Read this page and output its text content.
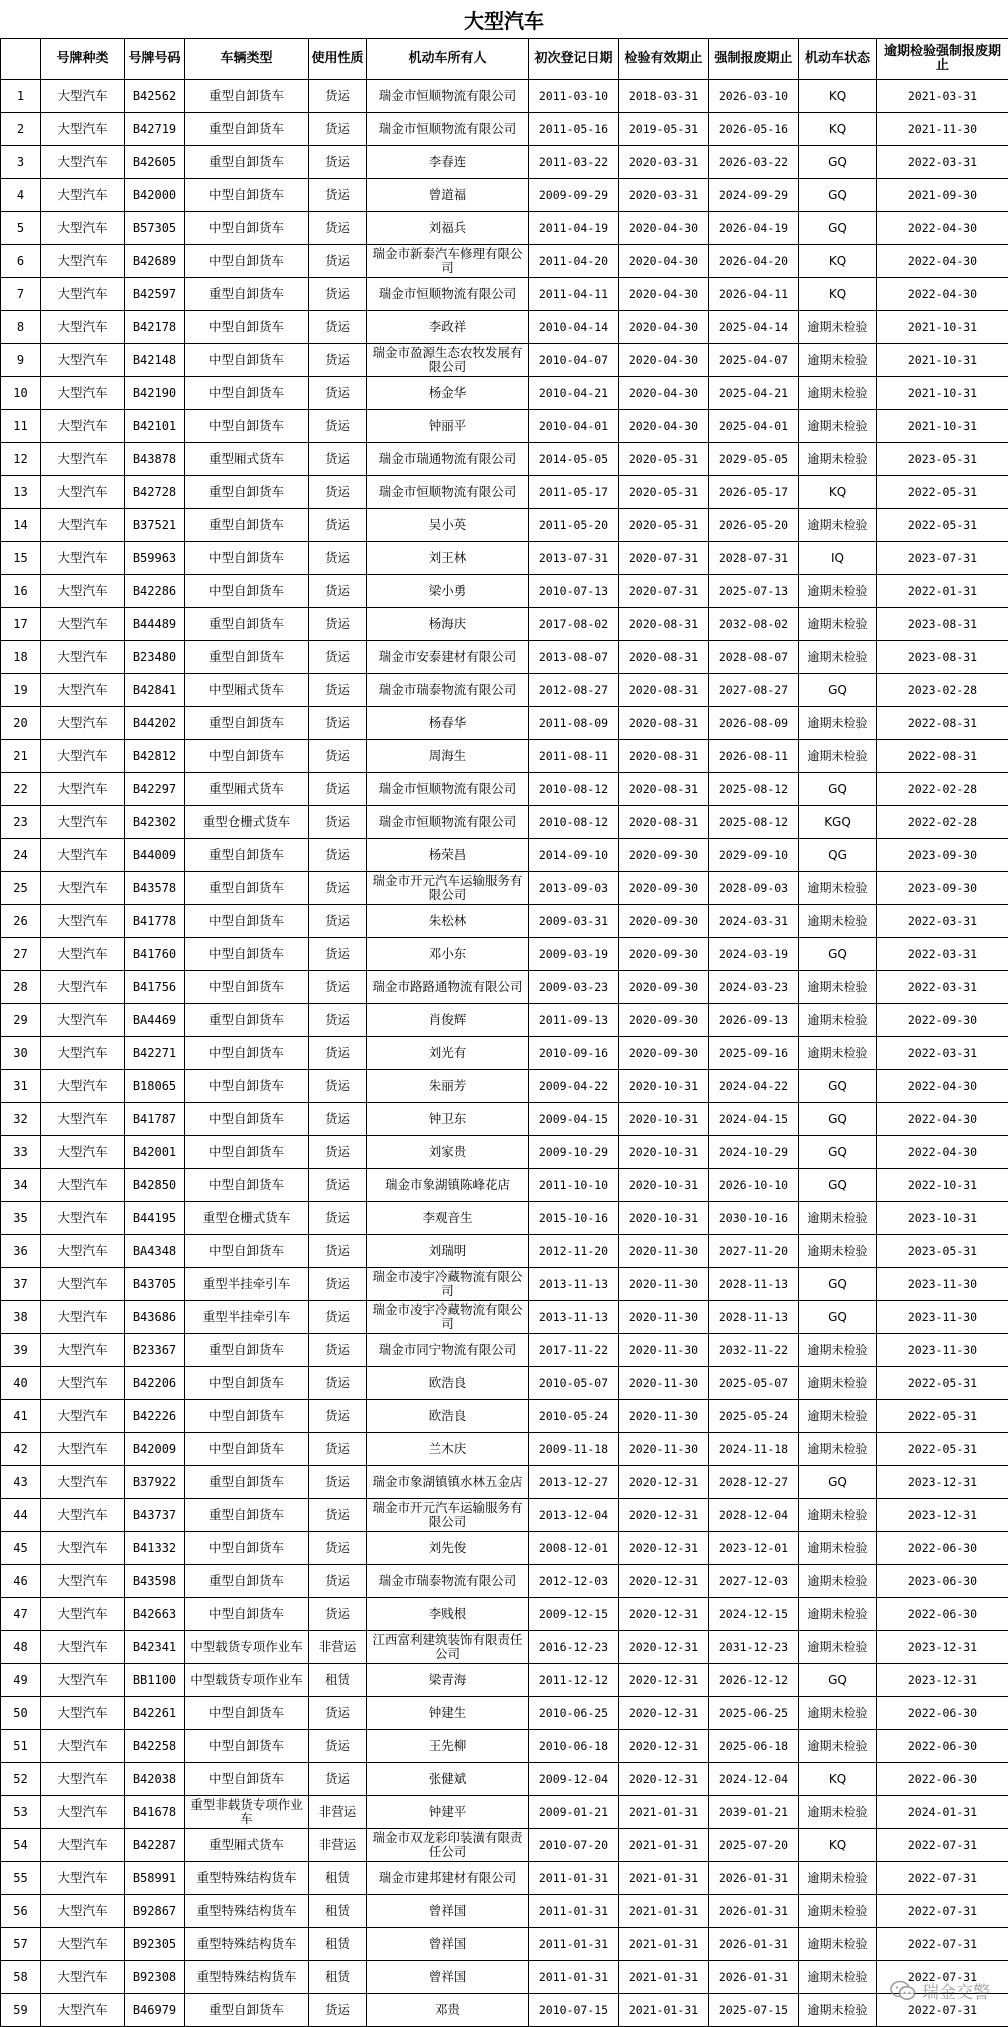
大型汽车
	号牌种类	号牌号码	车辆类型	使用性质	机动车所有人	初次登记日期	检验有效期止	强制报废期止	机动车状态	逾期检验强制报废期止
1	大型汽车	B42562	重型自卸货车	货运	瑞金市恒顺物流有限公司	2011-03-10	2018-03-31	2026-03-10	KQ	2021-03-31
2	大型汽车	B42719	重型自卸货车	货运	瑞金市恒顺物流有限公司	2011-05-16	2019-05-31	2026-05-16	KQ	2021-11-30
3	大型汽车	B42605	重型自卸货车	货运	李春连	2011-03-22	2020-03-31	2026-03-22	GQ	2022-03-31
4	大型汽车	B42000	中型自卸货车	货运	曾道福	2009-09-29	2020-03-31	2024-09-29	GQ	2021-09-30
5	大型汽车	B57305	中型自卸货车	货运	刘福兵	2011-04-19	2020-04-30	2026-04-19	GQ	2022-04-30
6	大型汽车	B42689	中型自卸货车	货运	瑞金市新泰汽车修理有限公司	2011-04-20	2020-04-30	2026-04-20	KQ	2022-04-30
7	大型汽车	B42597	重型自卸货车	货运	瑞金市恒顺物流有限公司	2011-04-11	2020-04-30	2026-04-11	KQ	2022-04-30
8	大型汽车	B42178	中型自卸货车	货运	李政祥	2010-04-14	2020-04-30	2025-04-14	逾期未检验	2021-10-31
9	大型汽车	B42148	中型自卸货车	货运	瑞金市盈源生态农牧发展有限公司	2010-04-07	2020-04-30	2025-04-07	逾期未检验	2021-10-31
10	大型汽车	B42190	中型自卸货车	货运	杨金华	2010-04-21	2020-04-30	2025-04-21	逾期未检验	2021-10-31
11	大型汽车	B42101	中型自卸货车	货运	钟丽平	2010-04-01	2020-04-30	2025-04-01	逾期未检验	2021-10-31
12	大型汽车	B43878	重型厢式货车	货运	瑞金市瑞通物流有限公司	2014-05-05	2020-05-31	2029-05-05	逾期未检验	2023-05-31
13	大型汽车	B42728	重型自卸货车	货运	瑞金市恒顺物流有限公司	2011-05-17	2020-05-31	2026-05-17	KQ	2022-05-31
14	大型汽车	B37521	重型自卸货车	货运	吴小英	2011-05-20	2020-05-31	2026-05-20	逾期未检验	2022-05-31
15	大型汽车	B59963	中型自卸货车	货运	刘王林	2013-07-31	2020-07-31	2028-07-31	IQ	2023-07-31
16	大型汽车	B42286	中型自卸货车	货运	梁小勇	2010-07-13	2020-07-31	2025-07-13	逾期未检验	2022-01-31
17	大型汽车	B44489	重型自卸货车	货运	杨海庆	2017-08-02	2020-08-31	2032-08-02	逾期未检验	2023-08-31
18	大型汽车	B23480	重型自卸货车	货运	瑞金市安泰建材有限公司	2013-08-07	2020-08-31	2028-08-07	逾期未检验	2023-08-31
19	大型汽车	B42841	中型厢式货车	货运	瑞金市瑞泰物流有限公司	2012-08-27	2020-08-31	2027-08-27	GQ	2023-02-28
20	大型汽车	B44202	重型自卸货车	货运	杨春华	2011-08-09	2020-08-31	2026-08-09	逾期未检验	2022-08-31
21	大型汽车	B42812	中型自卸货车	货运	周海生	2011-08-11	2020-08-31	2026-08-11	逾期未检验	2022-08-31
22	大型汽车	B42297	重型厢式货车	货运	瑞金市恒顺物流有限公司	2010-08-12	2020-08-31	2025-08-12	GQ	2022-02-28
23	大型汽车	B42302	重型仓栅式货车	货运	瑞金市恒顺物流有限公司	2010-08-12	2020-08-31	2025-08-12	KGQ	2022-02-28
24	大型汽车	B44009	重型自卸货车	货运	杨荣昌	2014-09-10	2020-09-30	2029-09-10	QG	2023-09-30
25	大型汽车	B43578	重型自卸货车	货运	瑞金市开元汽车运输服务有限公司	2013-09-03	2020-09-30	2028-09-03	逾期未检验	2023-09-30
26	大型汽车	B41778	中型自卸货车	货运	朱松林	2009-03-31	2020-09-30	2024-03-31	逾期未检验	2022-03-31
27	大型汽车	B41760	中型自卸货车	货运	邓小东	2009-03-19	2020-09-30	2024-03-19	GQ	2022-03-31
28	大型汽车	B41756	中型自卸货车	货运	瑞金市路路通物流有限公司	2009-03-23	2020-09-30	2024-03-23	逾期未检验	2022-03-31
29	大型汽车	BA4469	重型自卸货车	货运	肖俊辉	2011-09-13	2020-09-30	2026-09-13	逾期未检验	2022-09-30
30	大型汽车	B42271	中型自卸货车	货运	刘光有	2010-09-16	2020-09-30	2025-09-16	逾期未检验	2022-03-31
31	大型汽车	B18065	中型自卸货车	货运	朱丽芳	2009-04-22	2020-10-31	2024-04-22	GQ	2022-04-30
32	大型汽车	B41787	中型自卸货车	货运	钟卫东	2009-04-15	2020-10-31	2024-04-15	GQ	2022-04-30
33	大型汽车	B42001	中型自卸货车	货运	刘家贵	2009-10-29	2020-10-31	2024-10-29	GQ	2022-04-30
34	大型汽车	B42850	中型自卸货车	货运	瑞金市象湖镇陈峰花店	2011-10-10	2020-10-31	2026-10-10	GQ	2022-10-31
35	大型汽车	B44195	重型仓栅式货车	货运	李观音生	2015-10-16	2020-10-31	2030-10-16	逾期未检验	2023-10-31
36	大型汽车	BA4348	中型自卸货车	货运	刘瑞明	2012-11-20	2020-11-30	2027-11-20	逾期未检验	2023-05-31
37	大型汽车	B43705	重型半挂牵引车	货运	瑞金市凌宇冷藏物流有限公司	2013-11-13	2020-11-30	2028-11-13	GQ	2023-11-30
38	大型汽车	B43686	重型半挂牵引车	货运	瑞金市凌宇冷藏物流有限公司	2013-11-13	2020-11-30	2028-11-13	GQ	2023-11-30
39	大型汽车	B23367	重型自卸货车	货运	瑞金市同宁物流有限公司	2017-11-22	2020-11-30	2032-11-22	逾期未检验	2023-11-30
40	大型汽车	B42206	中型自卸货车	货运	欧浩良	2010-05-07	2020-11-30	2025-05-07	逾期未检验	2022-05-31
41	大型汽车	B42226	中型自卸货车	货运	欧浩良	2010-05-24	2020-11-30	2025-05-24	逾期未检验	2022-05-31
42	大型汽车	B42009	中型自卸货车	货运	兰木庆	2009-11-18	2020-11-30	2024-11-18	逾期未检验	2022-05-31
43	大型汽车	B37922	重型自卸货车	货运	瑞金市象湖镇镇水林五金店	2013-12-27	2020-12-31	2028-12-27	GQ	2023-12-31
44	大型汽车	B43737	重型自卸货车	货运	瑞金市开元汽车运输服务有限公司	2013-12-04	2020-12-31	2028-12-04	逾期未检验	2023-12-31
45	大型汽车	B41332	中型自卸货车	货运	刘先俊	2008-12-01	2020-12-31	2023-12-01	逾期未检验	2022-06-30
46	大型汽车	B43598	重型自卸货车	货运	瑞金市瑞泰物流有限公司	2012-12-03	2020-12-31	2027-12-03	逾期未检验	2023-06-30
47	大型汽车	B42663	中型自卸货车	货运	李贱根	2009-12-15	2020-12-31	2024-12-15	逾期未检验	2022-06-30
48	大型汽车	B42341	中型载货专项作业车	非营运	江西富利建筑装饰有限责任公司	2016-12-23	2020-12-31	2031-12-23	逾期未检验	2023-12-31
49	大型汽车	BB1100	中型载货专项作业车	租赁	梁青海	2011-12-12	2020-12-31	2026-12-12	GQ	2023-12-31
50	大型汽车	B42261	中型自卸货车	货运	钟建生	2010-06-25	2020-12-31	2025-06-25	逾期未检验	2022-06-30
51	大型汽车	B42258	中型自卸货车	货运	王先柳	2010-06-18	2020-12-31	2025-06-18	逾期未检验	2022-06-30
52	大型汽车	B42038	中型自卸货车	货运	张健斌	2009-12-04	2020-12-31	2024-12-04	KQ	2022-06-30
53	大型汽车	B41678	重型非载货专项作业车	非营运	钟建平	2009-01-21	2021-01-31	2039-01-21	逾期未检验	2024-01-31
54	大型汽车	B42287	重型厢式货车	非营运	瑞金市双龙彩印装潢有限责任公司	2010-07-20	2021-01-31	2025-07-20	KQ	2022-07-31
55	大型汽车	B58991	重型特殊结构货车	租赁	瑞金市建邦建材有限公司	2011-01-31	2021-01-31	2026-01-31	逾期未检验	2022-07-31
56	大型汽车	B92867	重型特殊结构货车	租赁	曾祥国	2011-01-31	2021-01-31	2026-01-31	逾期未检验	2022-07-31
57	大型汽车	B92305	重型特殊结构货车	租赁	曾祥国	2011-01-31	2021-01-31	2026-01-31	逾期未检验	2022-07-31
58	大型汽车	B92308	重型特殊结构货车	租赁	曾祥国	2011-01-31	2021-01-31	2026-01-31	逾期未检验	2022-07-31
59	大型汽车	B46979	重型自卸货车	货运	邓贵	2010-07-15	2021-01-31	2025-07-15	逾期未检验	2022-07-31
瑞金交警
